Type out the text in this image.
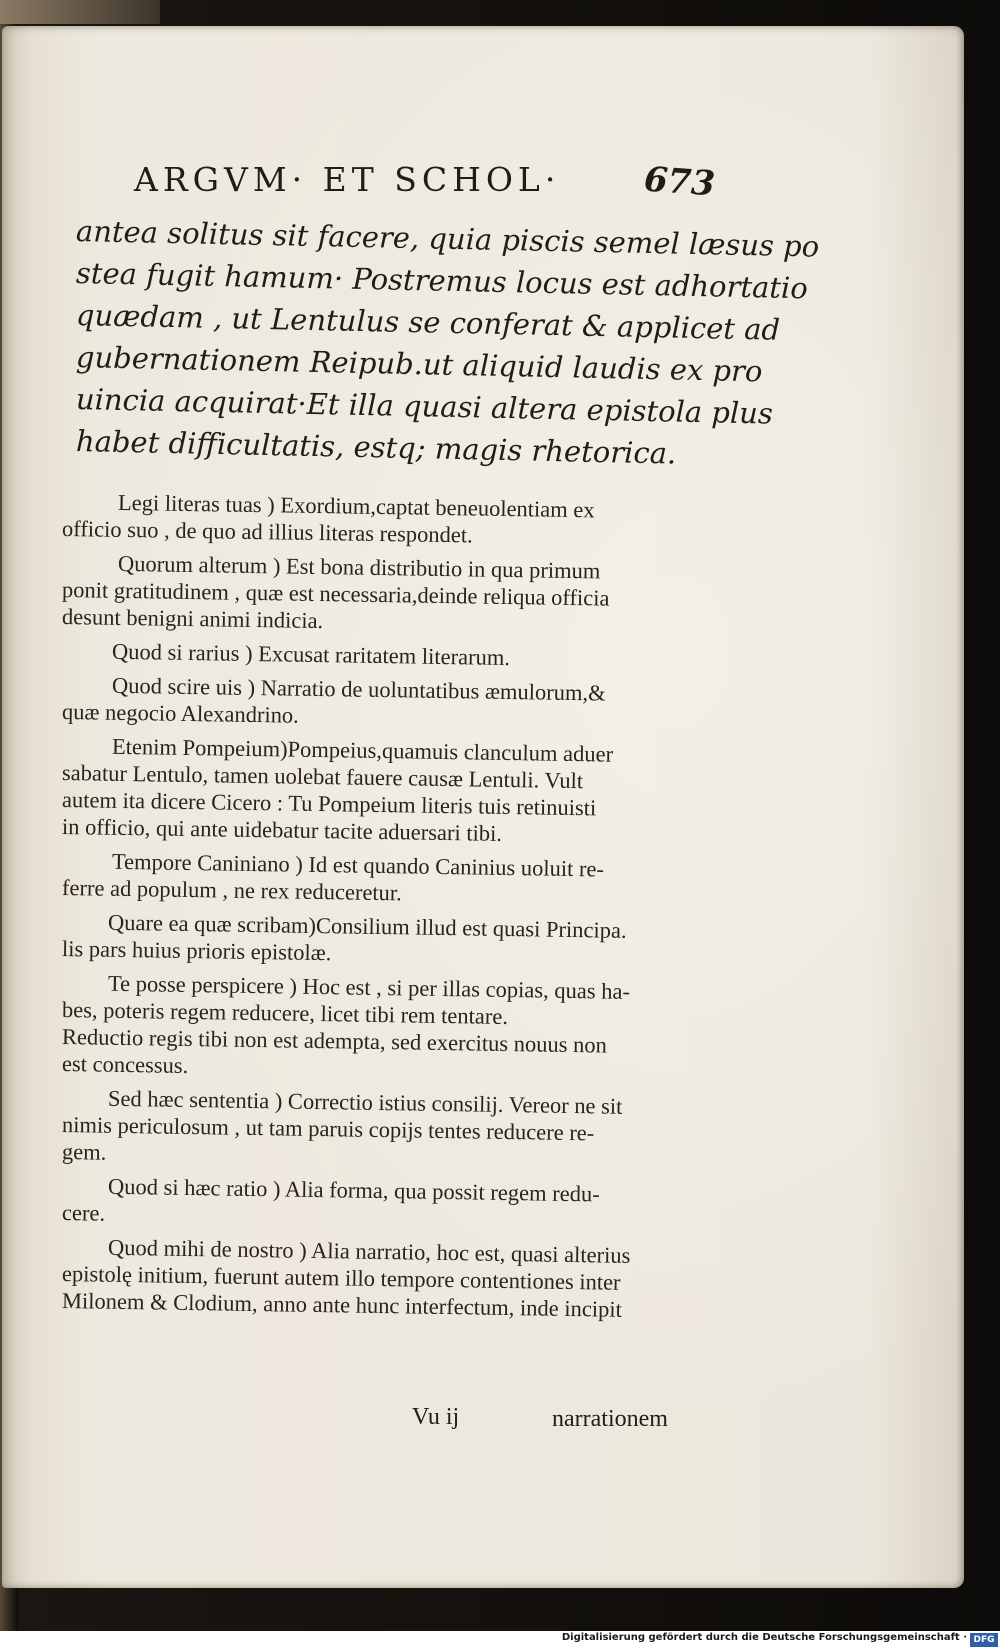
ARGVM· ET SCHOL· 673
antea solitus sit facere, quia piscis semel læsus po
stea fugit hamum· Postremus locus est adhortatio
quædam , ut Lentulus se conferat & applicet ad
gubernationem Reipub.ut aliquid laudis ex pro
uincia acquirat·Et illa quasi altera epistola plus
habet difficultatis, estq; magis rhetorica.
Legi literas tuas ) Exordium,captat beneuolentiam ex
officio suo , de quo ad illius literas respondet.
Quorum alterum ) Est bona distributio in qua primum
ponit gratitudinem , quæ est necessaria,deinde reliqua officia
desunt benigni animi indicia.
Quod si rarius ) Excusat raritatem literarum.
Quod scire uis ) Narratio de uoluntatibus æmulorum,&
quæ negocio Alexandrino.
Etenim Pompeium)Pompeius,quamuis clanculum aduer
sabatur Lentulo, tamen uolebat fauere causæ Lentuli. Vult
autem ita dicere Cicero : Tu Pompeium literis tuis retinuisti
in officio, qui ante uidebatur tacite aduersari tibi.
Tempore Caniniano ) Id est quando Caninius uoluit re-
ferre ad populum , ne rex reduceretur.
Quare ea quæ scribam)Consilium illud est quasi Principa.
lis pars huius prioris epistolæ.
Te posse perspicere ) Hoc est , si per illas copias, quas ha-
bes, poteris regem reducere, licet tibi rem tentare.
Reductio regis tibi non est adempta, sed exercitus nouus non
est concessus.
Sed hæc sententia ) Correctio istius consilij. Vereor ne sit
nimis periculosum , ut tam paruis copijs tentes reducere re-
gem.
Quod si hæc ratio ) Alia forma, qua possit regem redu-
cere.
Quod mihi de nostro ) Alia narratio, hoc est, quasi alterius
epistolę initium, fuerunt autem illo tempore contentiones inter
Milonem & Clodium, anno ante hunc interfectum, inde incipit
Vu ij	narrationem
Digitalisierung gefördert durch die Deutsche Forschungsgemeinschaft · DFG
